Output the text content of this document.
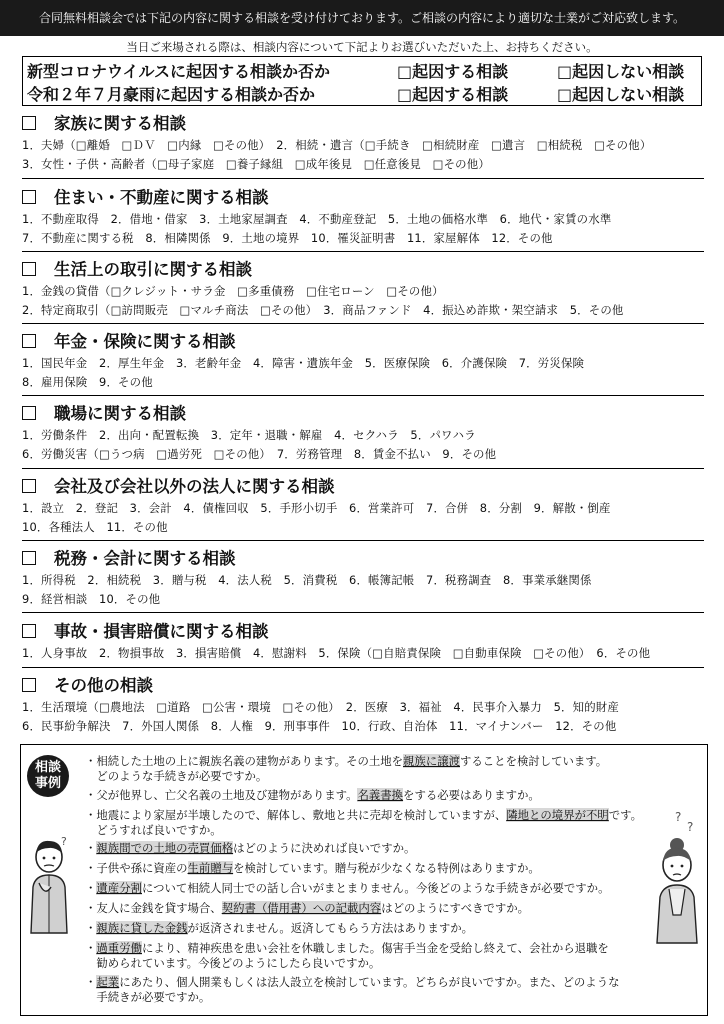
合同無料相談会では下記の内容に関する相談を受け付けております。ご相談の内容により適切な士業がご対応致します。
当日ご来場される際は、相談内容について下記よりお選びいただいた上、お持ちください。
新型コロナウイルスに起因する相談か否か	□起因する相談	□起因しない相談
令和２年７月豪雨に起因する相談か否か	□起因する相談	□起因しない相談
家族に関する相談
1．夫婦（□離婚　□ＤＶ　□内縁　□その他）　2．相続・遺言（□手続き　□相続財産　□遺言　□相続税　□その他）
3．女性・子供・高齢者（□母子家庭　□養子縁組　□成年後見　□任意後見　□その他）
住まい・不動産に関する相談
1．不動産取得　2．借地・借家　3．土地家屋調査　4．不動産登記　5．土地の価格水準　6．地代・家賃の水準
7．不動産に関する税　8．相隣関係　9．土地の境界　10．罹災証明書　11．家屋解体　12．その他
生活上の取引に関する相談
1．金銭の貸借（□クレジット・サラ金　□多重債務　□住宅ローン　□その他）
2．特定商取引（□訪問販売　□マルチ商法　□その他）　3．商品ファンド　4．振込め詐欺・架空請求　5．その他
年金・保険に関する相談
1．国民年金　2．厚生年金　3．老齢年金　4．障害・遺族年金　5．医療保険　6．介護保険　7．労災保険
8．雇用保険　9．その他
職場に関する相談
1．労働条件　2．出向・配置転換　3．定年・退職・解雇　4．セクハラ　5．パワハラ
6．労働災害（□うつ病　□過労死　□その他）　7．労務管理　8．賃金不払い　9．その他
会社及び会社以外の法人に関する相談
1．設立　2．登記　3．会計　4．債権回収　5．手形小切手　6．営業許可　7．合併　8．分割　9．解散・倒産
10．各種法人　11．その他
税務・会計に関する相談
1．所得税　2．相続税　3．贈与税　4．法人税　5．消費税　6．帳簿記帳　7．税務調査　8．事業承継関係
9．経営相談　10．その他
事故・損害賠償に関する相談
1．人身事故　2．物損事故　3．損害賠償　4．慰謝料　5．保険（□自賠責保険　□自動車保険　□その他）　6．その他
その他の相談
1．生活環境（□農地法　□道路　□公害・環境　□その他）　2．医療　3．福祉　4．民事介入暴力　5．知的財産
6．民事紛争解決　7．外国人関係　8．人権　9．刑事事件　10．行政、自治体　11．マイナンバー　12．その他
相談
事例
?
?
?
・相続した土地の上に親族名義の建物があります。その土地を親族に譲渡することを検討しています。
　どのような手続きが必要ですか。
・父が他界し、亡父名義の土地及び建物があります。名義書換をする必要はありますか。
・地震により家屋が半壊したので、解体し、敷地と共に売却を検討していますが、隣地との境界が不明です。
　どうすれば良いですか。
・親族間での土地の売買価格はどのように決めれば良いですか。
・子供や孫に資産の生前贈与を検討しています。贈与税が少なくなる特例はありますか。
・遺産分割について相続人同士での話し合いがまとまりません。今後どのような手続きが必要ですか。
・友人に金銭を貸す場合、契約書（借用書）への記載内容はどのようにすべきですか。
・親族に貸した金銭が返済されません。返済してもらう方法はありますか。
・過重労働により、精神疾患を患い会社を休職しました。傷害手当金を受給し終えて、会社から退職を
　勧められています。今後どのようにしたら良いですか。
・起業にあたり、個人開業もしくは法人設立を検討しています。どちらが良いですか。また、どのような
　手続きが必要ですか。
